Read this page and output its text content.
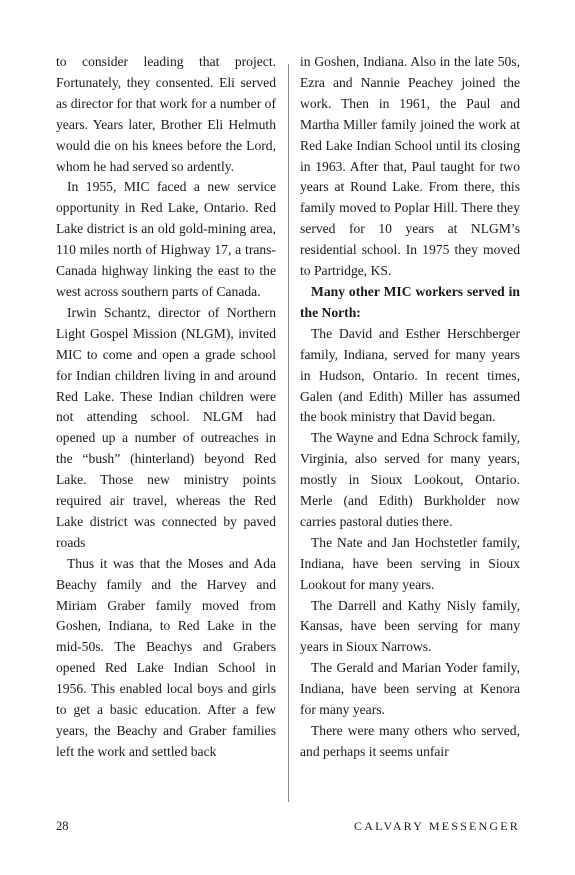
to consider leading that project. Fortunately, they consented. Eli served as director for that work for a number of years. Years later, Brother Eli Helmuth would die on his knees before the Lord, whom he had served so ardently.

In 1955, MIC faced a new service opportunity in Red Lake, Ontario. Red Lake district is an old gold-mining area, 110 miles north of Highway 17, a trans-Canada highway linking the east to the west across southern parts of Canada.

Irwin Schantz, director of Northern Light Gospel Mission (NLGM), invited MIC to come and open a grade school for Indian children living in and around Red Lake. These Indian children were not attending school. NLGM had opened up a number of outreaches in the “bush” (hinterland) beyond Red Lake. Those new ministry points required air travel, whereas the Red Lake district was connected by paved roads

Thus it was that the Moses and Ada Beachy family and the Harvey and Miriam Graber family moved from Goshen, Indiana, to Red Lake in the mid-50s. The Beachys and Grabers opened Red Lake Indian School in 1956. This enabled local boys and girls to get a basic education. After a few years, the Beachy and Graber families left the work and settled back

in Goshen, Indiana. Also in the late 50s, Ezra and Nannie Peachey joined the work. Then in 1961, the Paul and Martha Miller family joined the work at Red Lake Indian School until its closing in 1963. After that, Paul taught for two years at Round Lake. From there, this family moved to Poplar Hill. There they served for 10 years at NLGM’s residential school. In 1975 they moved to Partridge, KS.

Many other MIC workers served in the North:

The David and Esther Herschberger family, Indiana, served for many years in Hudson, Ontario. In recent times, Galen (and Edith) Miller has assumed the book ministry that David began.

The Wayne and Edna Schrock family, Virginia, also served for many years, mostly in Sioux Lookout, Ontario. Merle (and Edith) Burkholder now carries pastoral duties there.

The Nate and Jan Hochstetler family, Indiana, have been serving in Sioux Lookout for many years.

The Darrell and Kathy Nisly family, Kansas, have been serving for many years in Sioux Narrows.

The Gerald and Marian Yoder family, Indiana, have been serving at Kenora for many years.

There were many others who served, and perhaps it seems unfair

28	CALVARY MESSENGER
